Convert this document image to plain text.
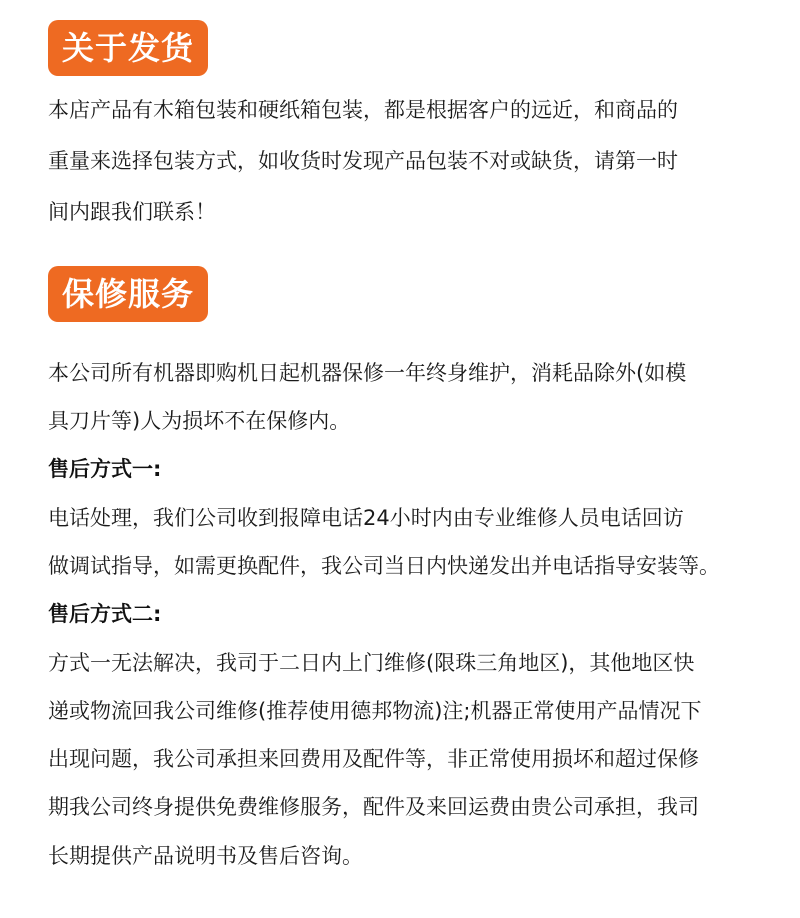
关于发货
本店产品有木箱包装和硬纸箱包装，都是根据客户的远近，和商品的
重量来选择包装方式，如收货时发现产品包装不对或缺货，请第一时
间内跟我们联系！
保修服务
本公司所有机器即购机日起机器保修一年终身维护，消耗品除外(如模
具刀片等)人为损坏不在保修内。
售后方式一:
电话处理，我们公司收到报障电话24小时内由专业维修人员电话回访
做调试指导，如需更换配件，我公司当日内快递发出并电话指导安装等。
售后方式二:
方式一无法解决，我司于二日内上门维修(限珠三角地区)，其他地区快
递或物流回我公司维修(推荐使用德邦物流)注;机器正常使用产品情况下
出现问题，我公司承担来回费用及配件等，非正常使用损坏和超过保修
期我公司终身提供免费维修服务，配件及来回运费由贵公司承担，我司
长期提供产品说明书及售后咨询。
